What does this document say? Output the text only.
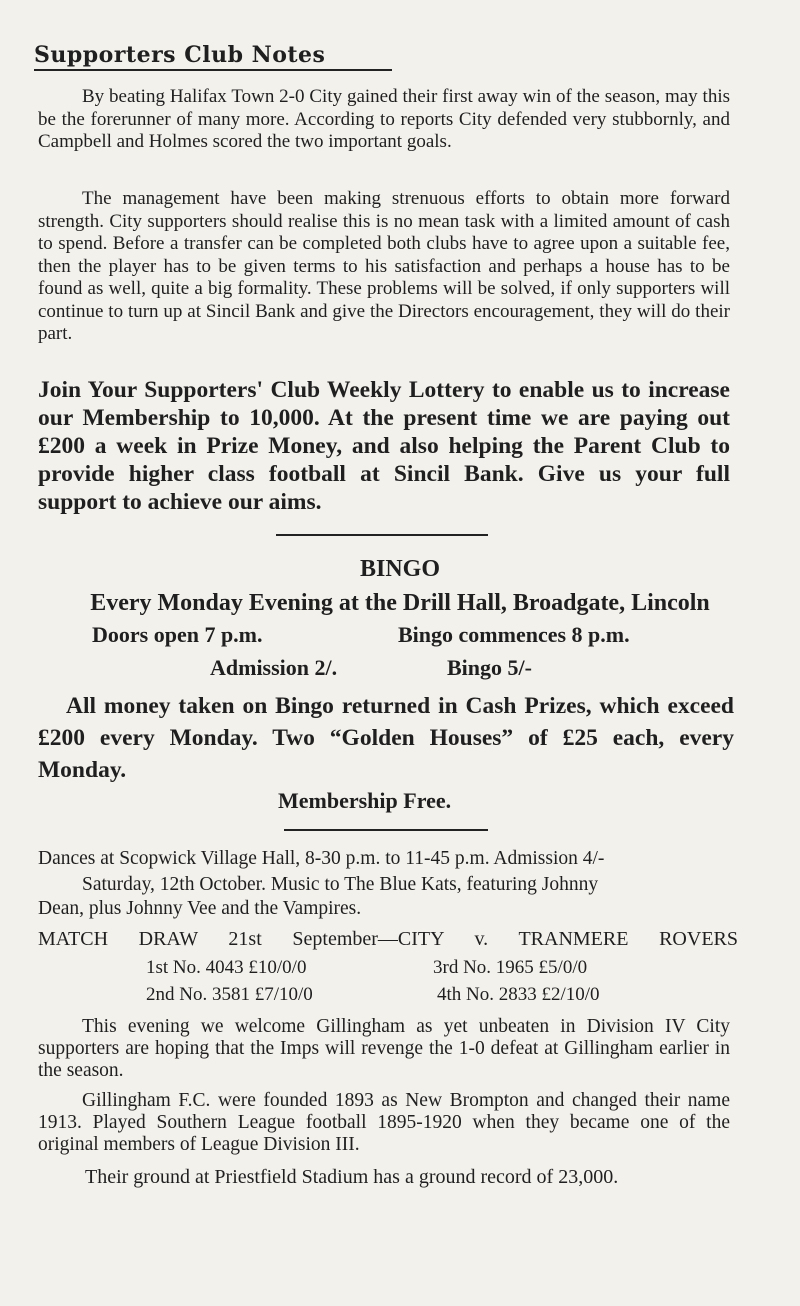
Supporters Club Notes
By beating Halifax Town 2-0 City gained their first away win of the season, may this be the forerunner of many more. According to reports City defended very stubbornly, and Campbell and Holmes scored the two important goals.
The management have been making strenuous efforts to obtain more forward strength. City supporters should realise this is no mean task with a limited amount of cash to spend. Before a transfer can be completed both clubs have to agree upon a suitable fee, then the player has to be given terms to his satisfaction and perhaps a house has to be found as well, quite a big formality. These problems will be solved, if only supporters will continue to turn up at Sincil Bank and give the Directors encouragement, they will do their part.
Join Your Supporters' Club Weekly Lottery to enable us to increase our Membership to 10,000. At the present time we are paying out £200 a week in Prize Money, and also helping the Parent Club to provide higher class football at Sincil Bank. Give us your full support to achieve our aims.
BINGO
Every Monday Evening at the Drill Hall, Broadgate, Lincoln
Doors open 7 p.m.	Bingo commences 8 p.m.
Admission 2/.	Bingo 5/-
All money taken on Bingo returned in Cash Prizes, which exceed £200 every Monday. Two “Golden Houses” of £25 each, every Monday.
Membership Free.
Dances at Scopwick Village Hall, 8-30 p.m. to 11-45 p.m. Admission 4/-
Saturday, 12th October. Music to The Blue Kats, featuring Johnny
Dean, plus Johnny Vee and the Vampires.
MATCH DRAW 21st September—CITY v. TRANMERE ROVERS
1st No. 4043 £10/0/0	3rd No. 1965 £5/0/0
2nd No. 3581 £7/10/0	4th No. 2833 £2/10/0
This evening we welcome Gillingham as yet unbeaten in Division IV City supporters are hoping that the Imps will revenge the 1-0 defeat at Gillingham earlier in the season.
Gillingham F.C. were founded 1893 as New Brompton and changed their name 1913. Played Southern League football 1895-1920 when they became one of the original members of League Division III.
Their ground at Priestfield Stadium has a ground record of 23,000.
